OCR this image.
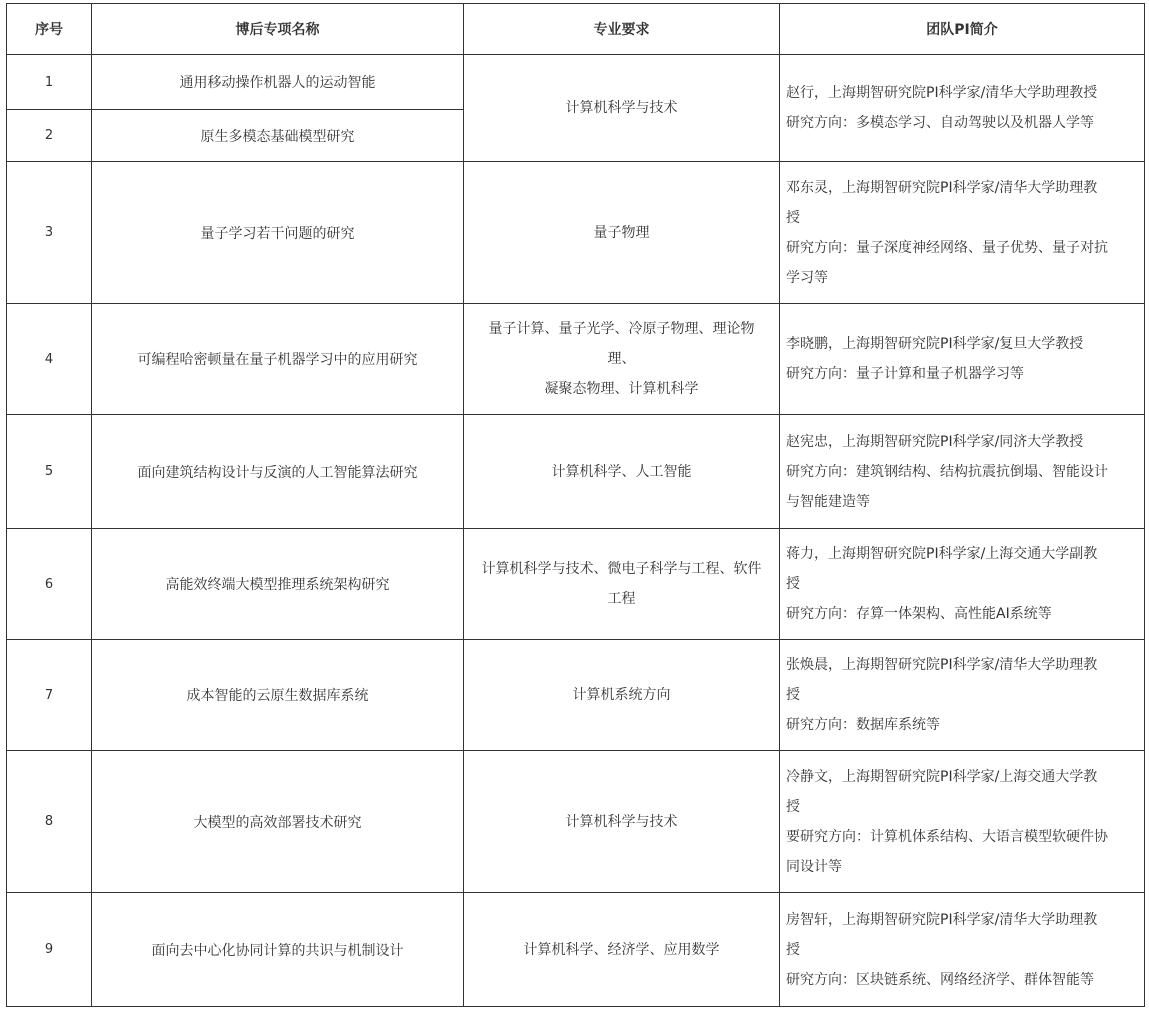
序号	博后专项名称	专业要求	团队PI简介
1	通用移动操作机器人的运动智能	计算机科学与技术	赵行，上海期智研究院PI科学家/清华大学助理教授
研究方向：多模态学习、自动驾驶以及机器人学等

2	原生多模态基础模型研究		
3	量子学习若干问题的研究	量子物理	邓东灵，上海期智研究院PI科学家/清华大学助理教
授
研究方向：量子深度神经网络、量子优势、量子对抗
学习等

4	可编程哈密顿量在量子机器学习中的应用研究	量子计算、量子光学、冷原子物理、理论物
理、
凝聚态物理、计算机科学	李晓鹏，上海期智研究院PI科学家/复旦大学教授
研究方向：量子计算和量子机器学习等

5	面向建筑结构设计与反演的人工智能算法研究	计算机科学、人工智能	赵宪忠，上海期智研究院PI科学家/同济大学教授
研究方向：建筑钢结构、结构抗震抗倒塌、智能设计
与智能建造等

6	高能效终端大模型推理系统架构研究	计算机科学与技术、微电子科学与工程、软件
工程	蒋力，上海期智研究院PI科学家/上海交通大学副教
授
研究方向：存算一体架构、高性能AI系统等

7	成本智能的云原生数据库系统	计算机系统方向	张焕晨，上海期智研究院PI科学家/清华大学助理教
授
研究方向：数据库系统等

8	大模型的高效部署技术研究	计算机科学与技术	冷静文，上海期智研究院PI科学家/上海交通大学教
授
要研究方向：计算机体系结构、大语言模型软硬件协
同设计等

9	面向去中心化协同计算的共识与机制设计	计算机科学、经济学、应用数学	房智轩，上海期智研究院PI科学家/清华大学助理教
授
研究方向：区块链系统、网络经济学、群体智能等
